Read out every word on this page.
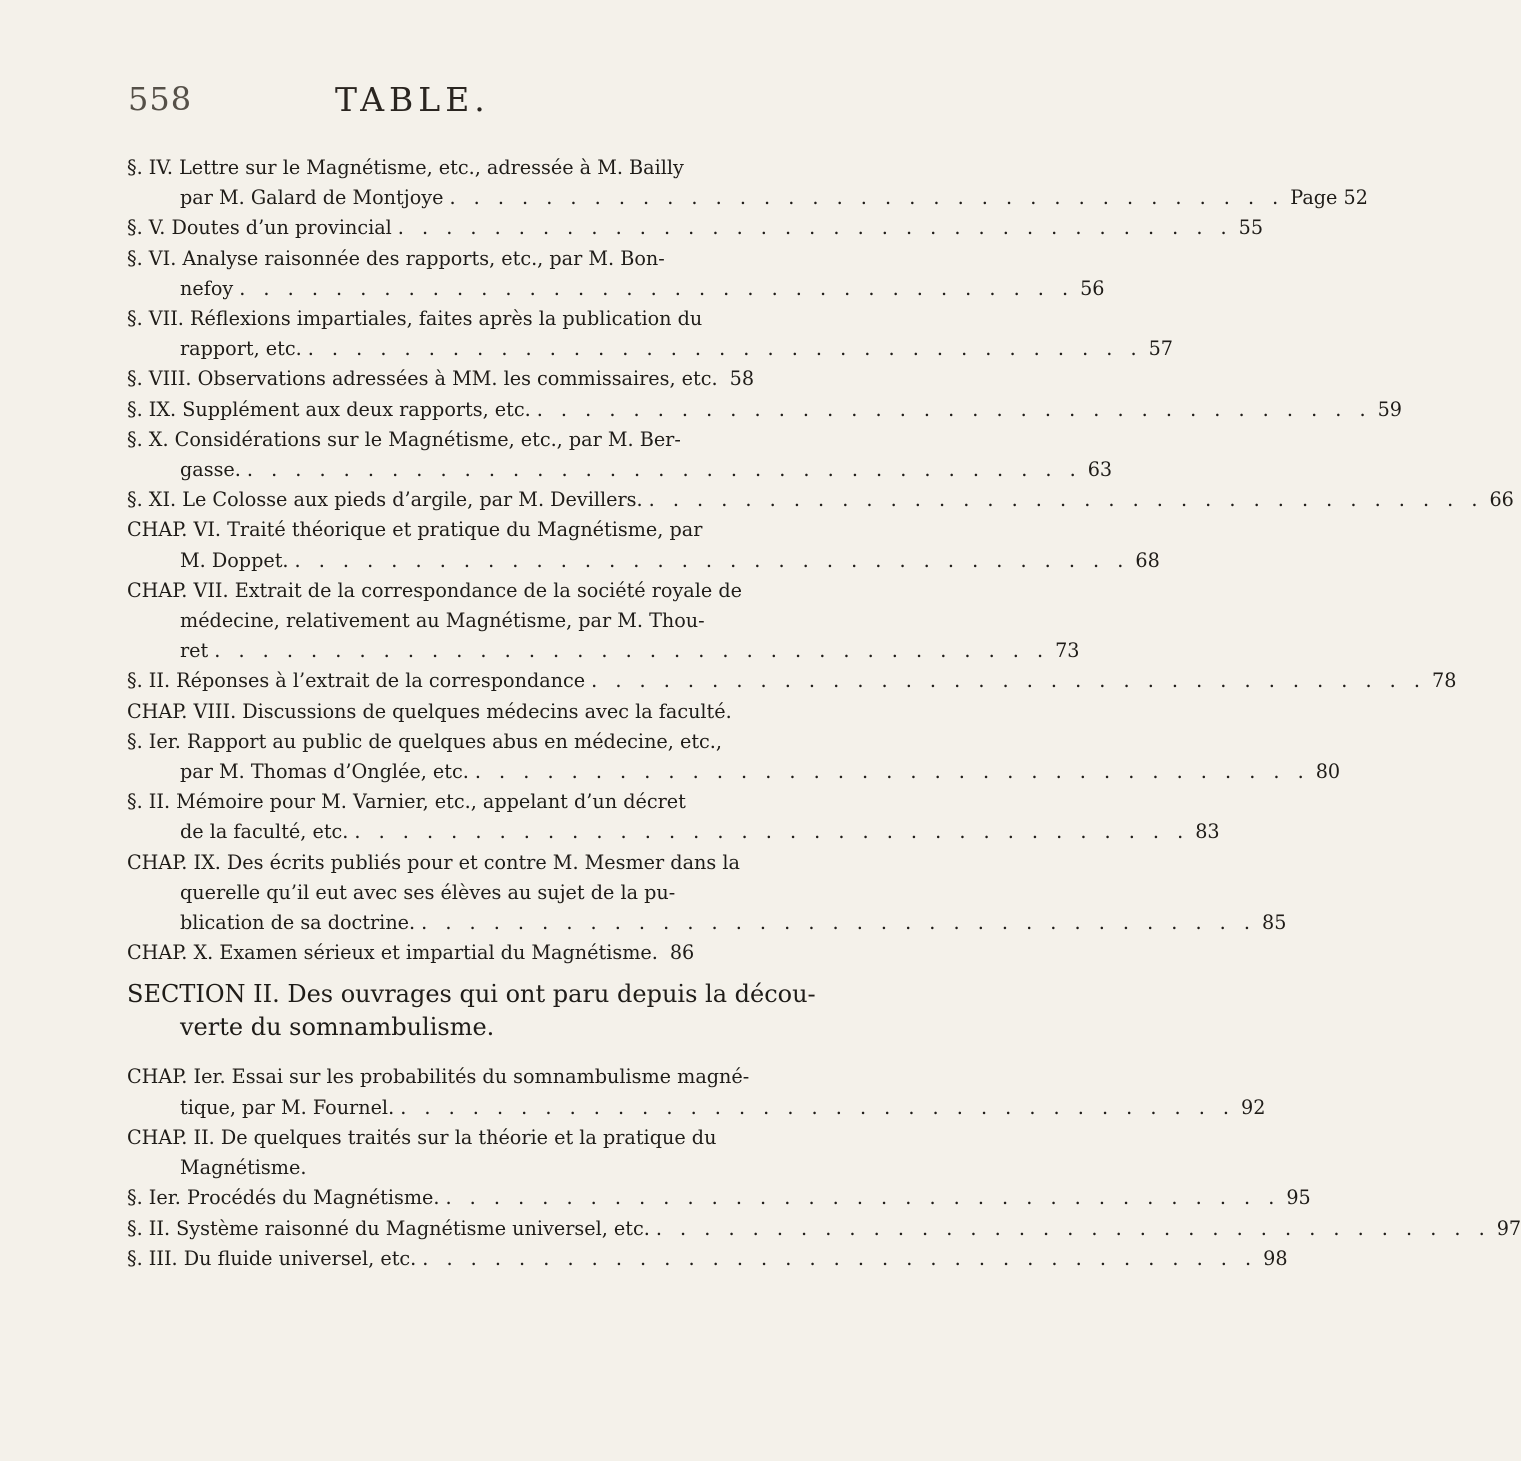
558	TABLE.
§. IV. Lettre sur le Magnétisme, etc., adressée à M. Bailly
par M. Galard de Montjoye . . . . . . . . . . . . . . . . . . . . . . . . . . . . . . . . . . . Page 52
§. V. Doutes d’un provincial . . . . . . . . . . . . . . . . . . . . . . . . . . . . . . . . . . . 55
§. VI. Analyse raisonnée des rapports, etc., par M. Bon-
nefoy . . . . . . . . . . . . . . . . . . . . . . . . . . . . . . . . . . . 56
§. VII. Réflexions impartiales, faites après la publication du
rapport, etc. . . . . . . . . . . . . . . . . . . . . . . . . . . . . . . . . . . . 57
§. VIII. Observations adressées à MM. les commissaires, etc. 58
§. IX. Supplément aux deux rapports, etc. . . . . . . . . . . . . . . . . . . . . . . . . . . . . . . . . . . . 59
§. X. Considérations sur le Magnétisme, etc., par M. Ber-
gasse. . . . . . . . . . . . . . . . . . . . . . . . . . . . . . . . . . . . 63
§. XI. Le Colosse aux pieds d’argile, par M. Devillers. . . . . . . . . . . . . . . . . . . . . . . . . . . . . . . . . . . . 66
CHAP. VI. Traité théorique et pratique du Magnétisme, par
M. Doppet. . . . . . . . . . . . . . . . . . . . . . . . . . . . . . . . . . . . 68
CHAP. VII. Extrait de la correspondance de la société royale de
médecine, relativement au Magnétisme, par M. Thou-
ret . . . . . . . . . . . . . . . . . . . . . . . . . . . . . . . . . . . 73
§. II. Réponses à l’extrait de la correspondance . . . . . . . . . . . . . . . . . . . . . . . . . . . . . . . . . . . 78
CHAP. VIII. Discussions de quelques médecins avec la faculté.
§. Ier. Rapport au public de quelques abus en médecine, etc.,
par M. Thomas d’Onglée, etc. . . . . . . . . . . . . . . . . . . . . . . . . . . . . . . . . . . . 80
§. II. Mémoire pour M. Varnier, etc., appelant d’un décret
de la faculté, etc. . . . . . . . . . . . . . . . . . . . . . . . . . . . . . . . . . . . 83
CHAP. IX. Des écrits publiés pour et contre M. Mesmer dans la
querelle qu’il eut avec ses élèves au sujet de la pu-
blication de sa doctrine. . . . . . . . . . . . . . . . . . . . . . . . . . . . . . . . . . . . 85
CHAP. X. Examen sérieux et impartial du Magnétisme. 86
SECTION II. Des ouvrages qui ont paru depuis la décou-
verte du somnambulisme.
CHAP. Ier. Essai sur les probabilités du somnambulisme magné-
tique, par M. Fournel. . . . . . . . . . . . . . . . . . . . . . . . . . . . . . . . . . . . 92
CHAP. II. De quelques traités sur la théorie et la pratique du
Magnétisme.
§. Ier. Procédés du Magnétisme. . . . . . . . . . . . . . . . . . . . . . . . . . . . . . . . . . . . 95
§. II. Système raisonné du Magnétisme universel, etc. . . . . . . . . . . . . . . . . . . . . . . . . . . . . . . . . . . . 97
§. III. Du fluide universel, etc. . . . . . . . . . . . . . . . . . . . . . . . . . . . . . . . . . . . 98
